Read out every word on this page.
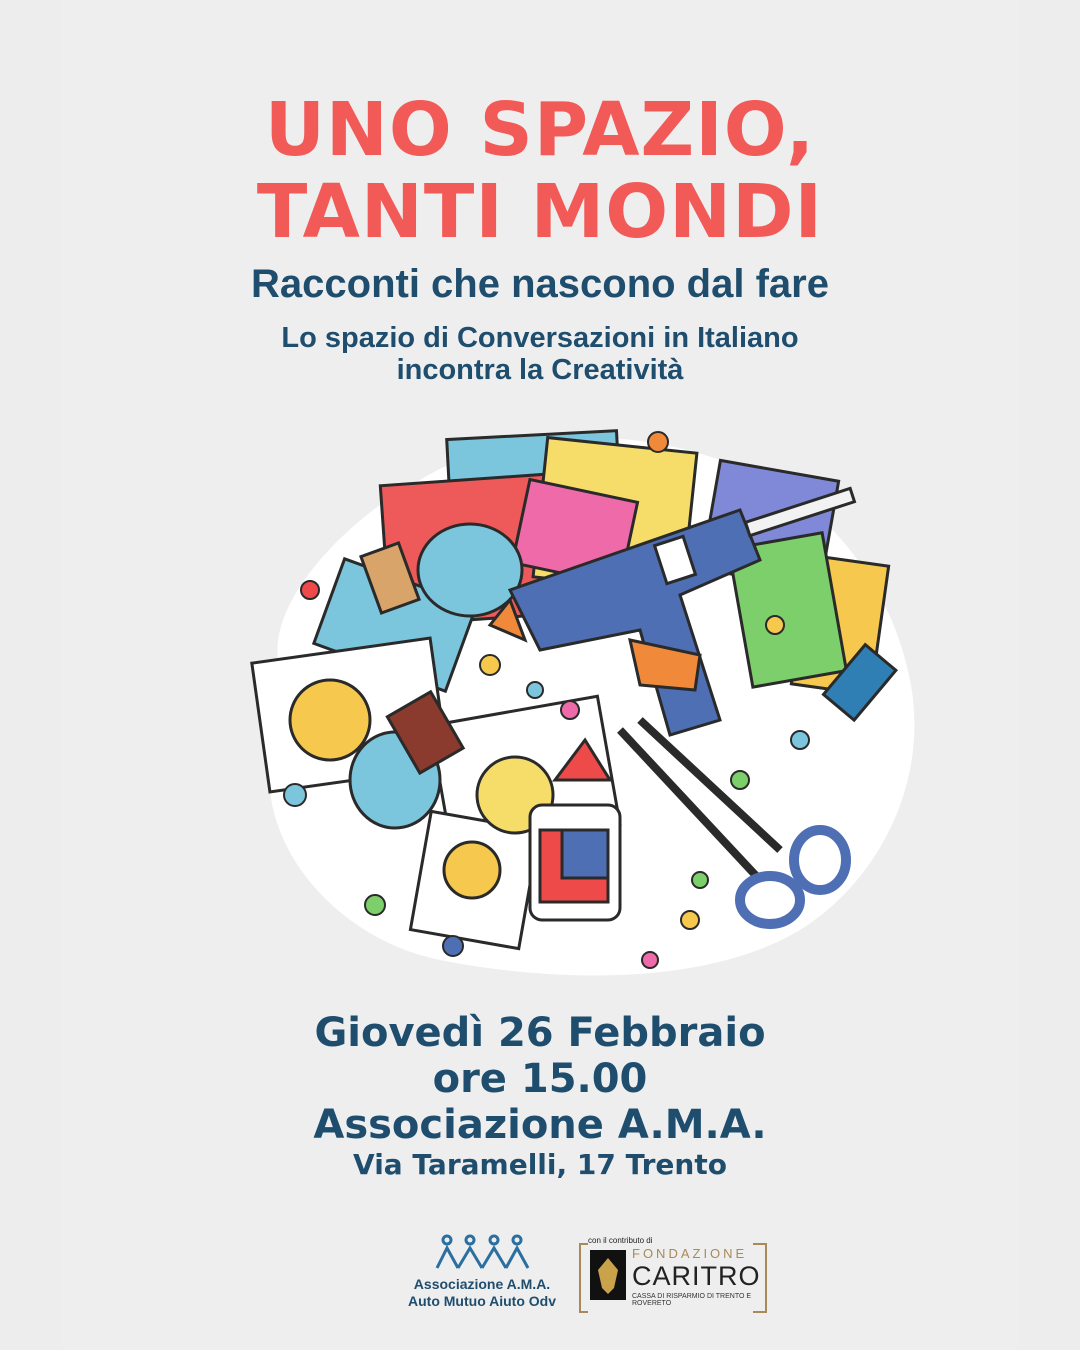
UNO SPAZIO,
TANTI MONDI
Racconti che nascono dal fare
Lo spazio di Conversazioni in Italiano
incontra la Creatività
Giovedì 26 Febbraio
ore 15.00
Associazione A.M.A.
Via Taramelli, 17 Trento
Associazione A.M.A.
Auto Mutuo Aiuto Odv
con il contributo di
FONDAZIONE
CARITRO
CASSA DI RISPARMIO DI TRENTO E ROVERETO
